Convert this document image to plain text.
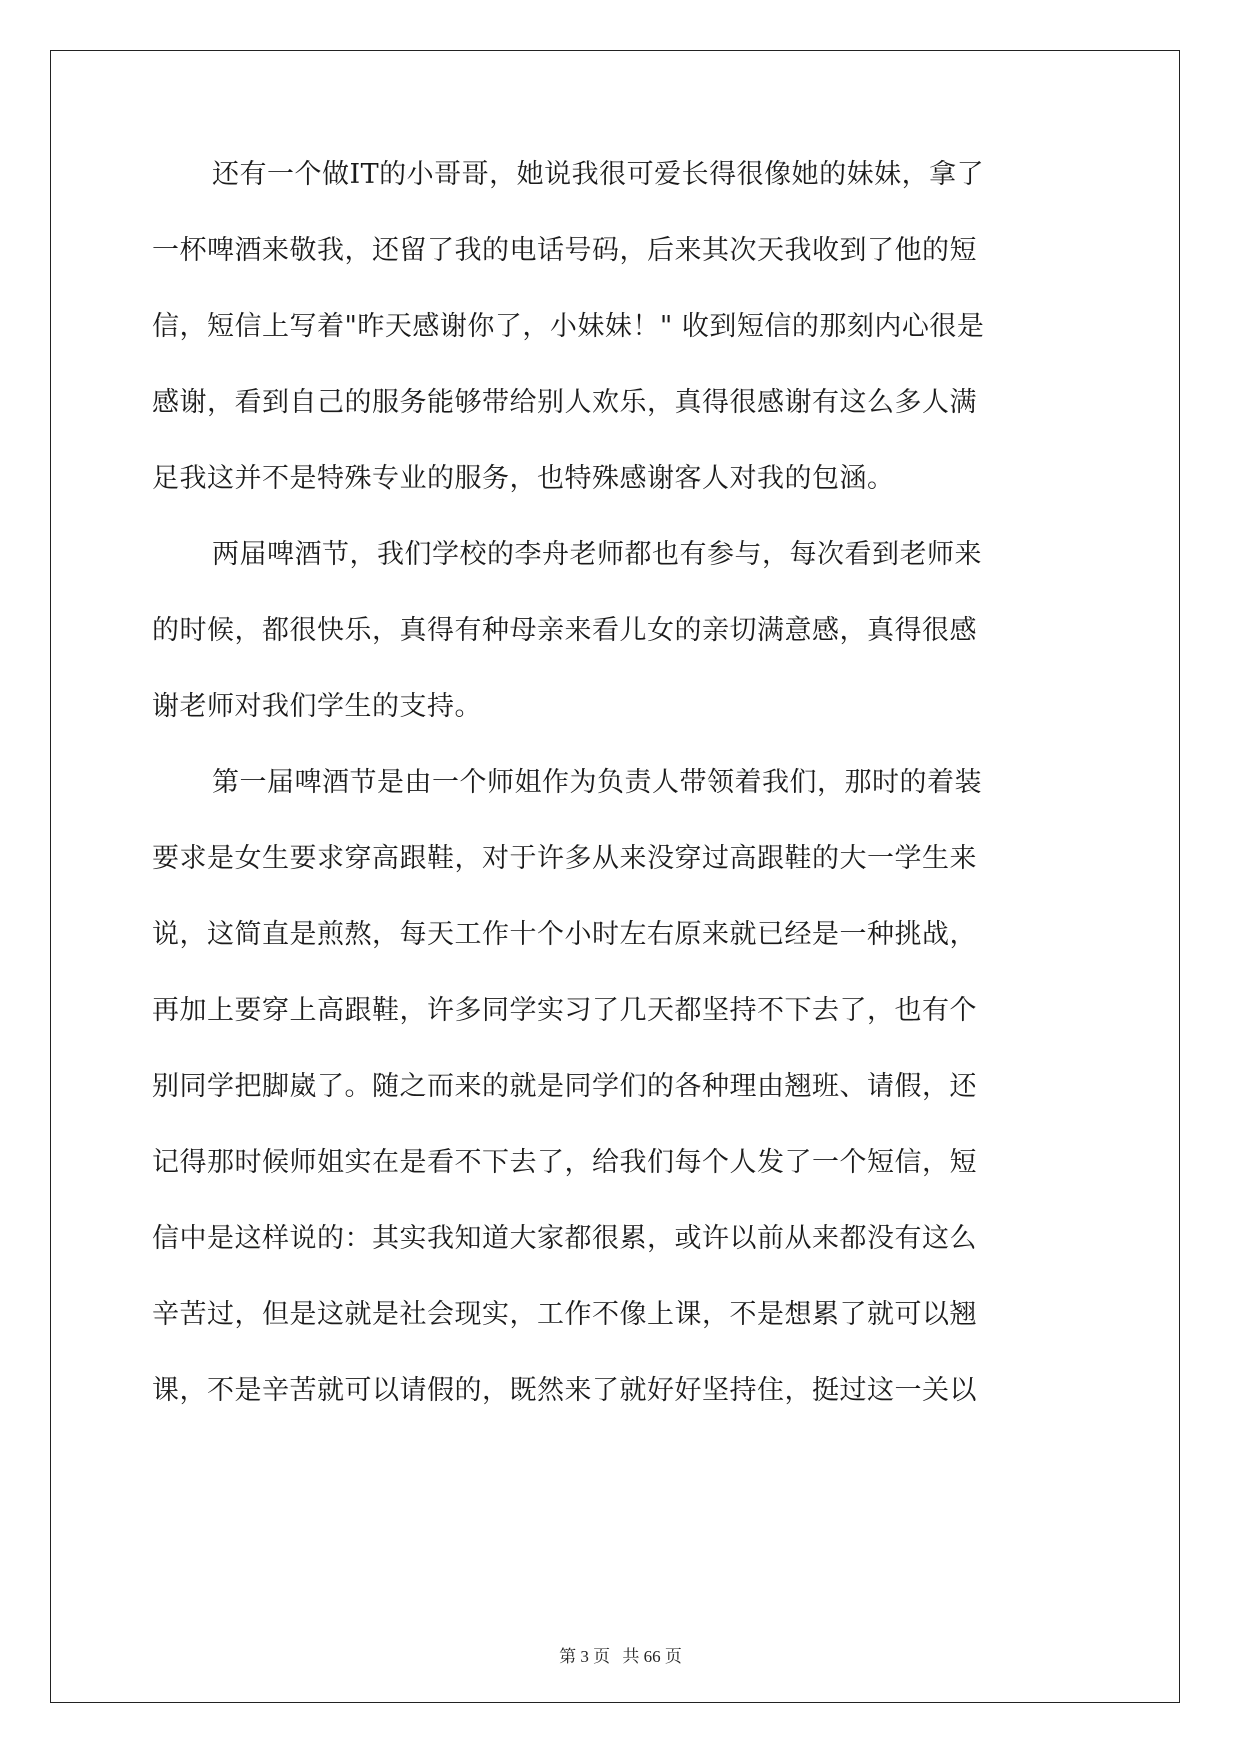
还有一个做IT的小哥哥，她说我很可爱长得很像她的妹妹，拿了
一杯啤酒来敬我，还留了我的电话号码，后来其次天我收到了他的短
信，短信上写着"昨天感谢你了，小妹妹！" 收到短信的那刻内心很是
感谢，看到自己的服务能够带给别人欢乐，真得很感谢有这么多人满
足我这并不是特殊专业的服务，也特殊感谢客人对我的包涵。
两届啤酒节，我们学校的李舟老师都也有参与，每次看到老师来
的时候，都很快乐，真得有种母亲来看儿女的亲切满意感，真得很感
谢老师对我们学生的支持。
第一届啤酒节是由一个师姐作为负责人带领着我们，那时的着装
要求是女生要求穿高跟鞋，对于许多从来没穿过高跟鞋的大一学生来
说，这简直是煎熬，每天工作十个小时左右原来就已经是一种挑战，
再加上要穿上高跟鞋，许多同学实习了几天都坚持不下去了，也有个
别同学把脚崴了。随之而来的就是同学们的各种理由翘班、请假，还
记得那时候师姐实在是看不下去了，给我们每个人发了一个短信，短
信中是这样说的：其实我知道大家都很累，或许以前从来都没有这么
辛苦过，但是这就是社会现实，工作不像上课，不是想累了就可以翘
课，不是辛苦就可以请假的，既然来了就好好坚持住，挺过这一关以
第 3 页 共 66 页
